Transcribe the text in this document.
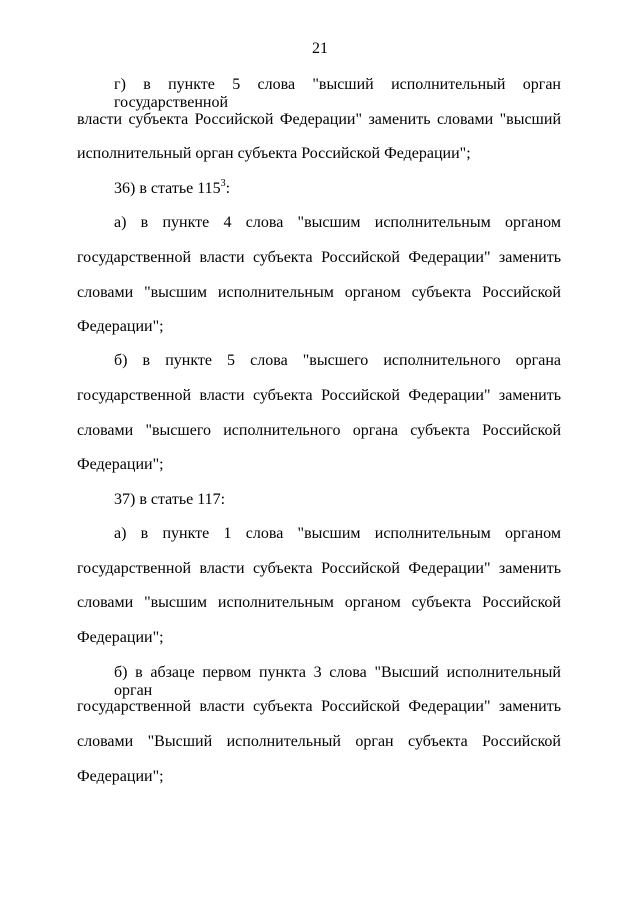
21
г) в пункте 5 слова "высший исполнительный орган государственной
власти субъекта Российской Федерации" заменить словами "высший
исполнительный орган субъекта Российской Федерации";
36) в статье $115^3$:
а) в пункте 4 слова "высшим исполнительным органом
государственной власти субъекта Российской Федерации" заменить
словами "высшим исполнительным органом субъекта Российской
Федерации";
б) в пункте 5 слова "высшего исполнительного органа
государственной власти субъекта Российской Федерации" заменить
словами "высшего исполнительного органа субъекта Российской
Федерации";
37) в статье 117:
а) в пункте 1 слова "высшим исполнительным органом
государственной власти субъекта Российской Федерации" заменить
словами "высшим исполнительным органом субъекта Российской
Федерации";
б) в абзаце первом пункта 3 слова "Высший исполнительный орган
государственной власти субъекта Российской Федерации" заменить
словами "Высший исполнительный орган субъекта Российской
Федерации";
